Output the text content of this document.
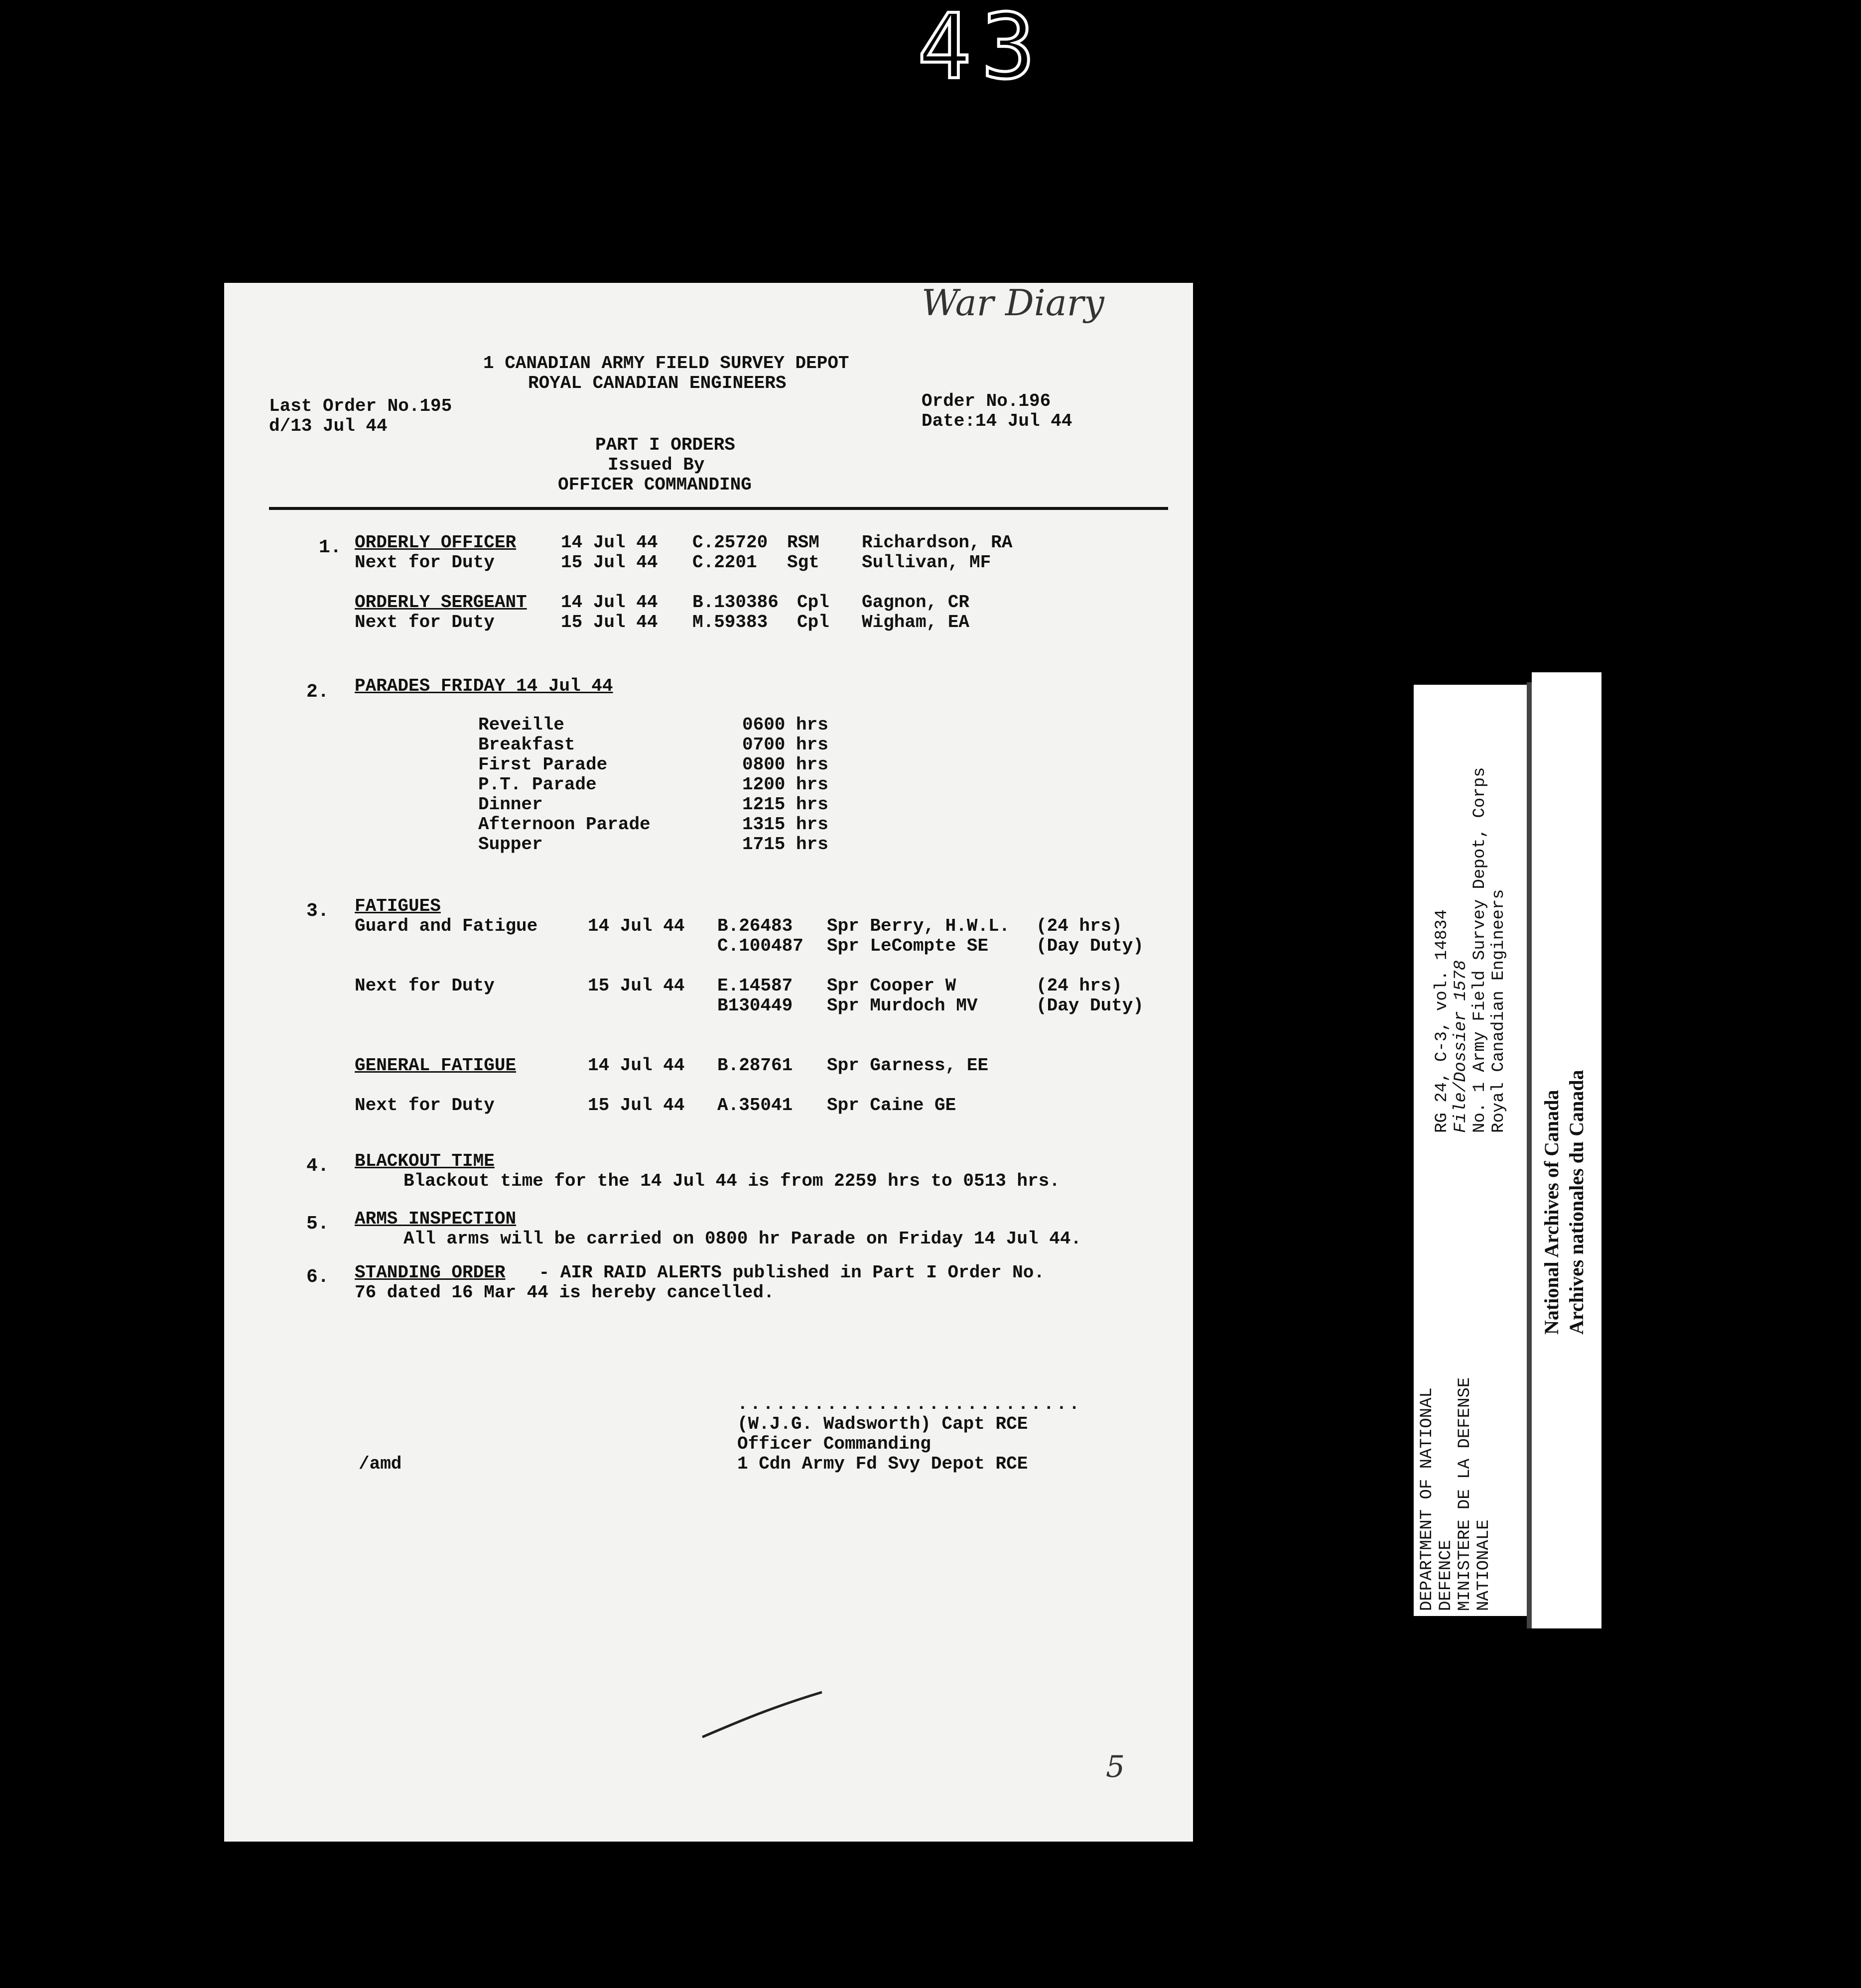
43
War Diary
1 CANADIAN ARMY FIELD SURVEY DEPOT
ROYAL CANADIAN ENGINEERS
Last Order No.195
d/13 Jul 44
Order No.196
Date:14 Jul 44
PART I ORDERS
Issued By
OFFICER COMMANDING
1. ORDERLY OFFICER 14 Jul 44 C.25720 RSM Richardson, RA
Next for Duty	15 Jul 44 C.2201 Sgt Sullivan, MF
ORDERLY SERGEANT 14 Jul 44 B.130386 Cpl Gagnon, CR
Next for Duty	15 Jul 44 M.59383 Cpl Wigham, EA
2. PARADES FRIDAY 14 Jul 44
Reveille	0600 hrs
Breakfast	0700 hrs
First Parade	0800 hrs
P.T. Parade	1200 hrs
Dinner	1215 hrs
Afternoon Parade	1315 hrs
Supper	1715 hrs
3. FATIGUES
Guard and Fatigue	14 Jul 44 B.26483 Spr Berry, H.W.L. (24 hrs)
C.100487 Spr LeCompte SE	(Day Duty)
Next for Duty	15 Jul 44 E.14587 Spr Cooper W	(24 hrs)
B130449 Spr Murdoch MV	(Day Duty)
GENERAL FATIGUE	14 Jul 44 B.28761 Spr Garness, EE
Next for Duty	15 Jul 44 A.35041 Spr Caine GE
4. BLACKOUT TIME
Blackout time for the 14 Jul 44 is from 2259 hrs to 0513 hrs.
5. ARMS INSPECTION
All arms will be carried on 0800 hr Parade on Friday 14 Jul 44.
6. STANDING ORDER - AIR RAID ALERTS published in Part I Order No.
76 dated 16 Mar 44 is hereby cancelled.
...........................
(W.J.G. Wadsworth) Capt RCE
Officer Commanding
1 Cdn Army Fd Svy Depot RCE
/amd
5
DEPARTMENT OF NATIONAL DEFENCE MINISTERE DE LA DEFENSE NATIONALE
RG 24, C-3, vol. 14834 File/Dossier 1578 No. 1 Army Field Survey Depot, Corps Royal Canadian Engineers
National Archives of Canada Archives nationales du Canada
